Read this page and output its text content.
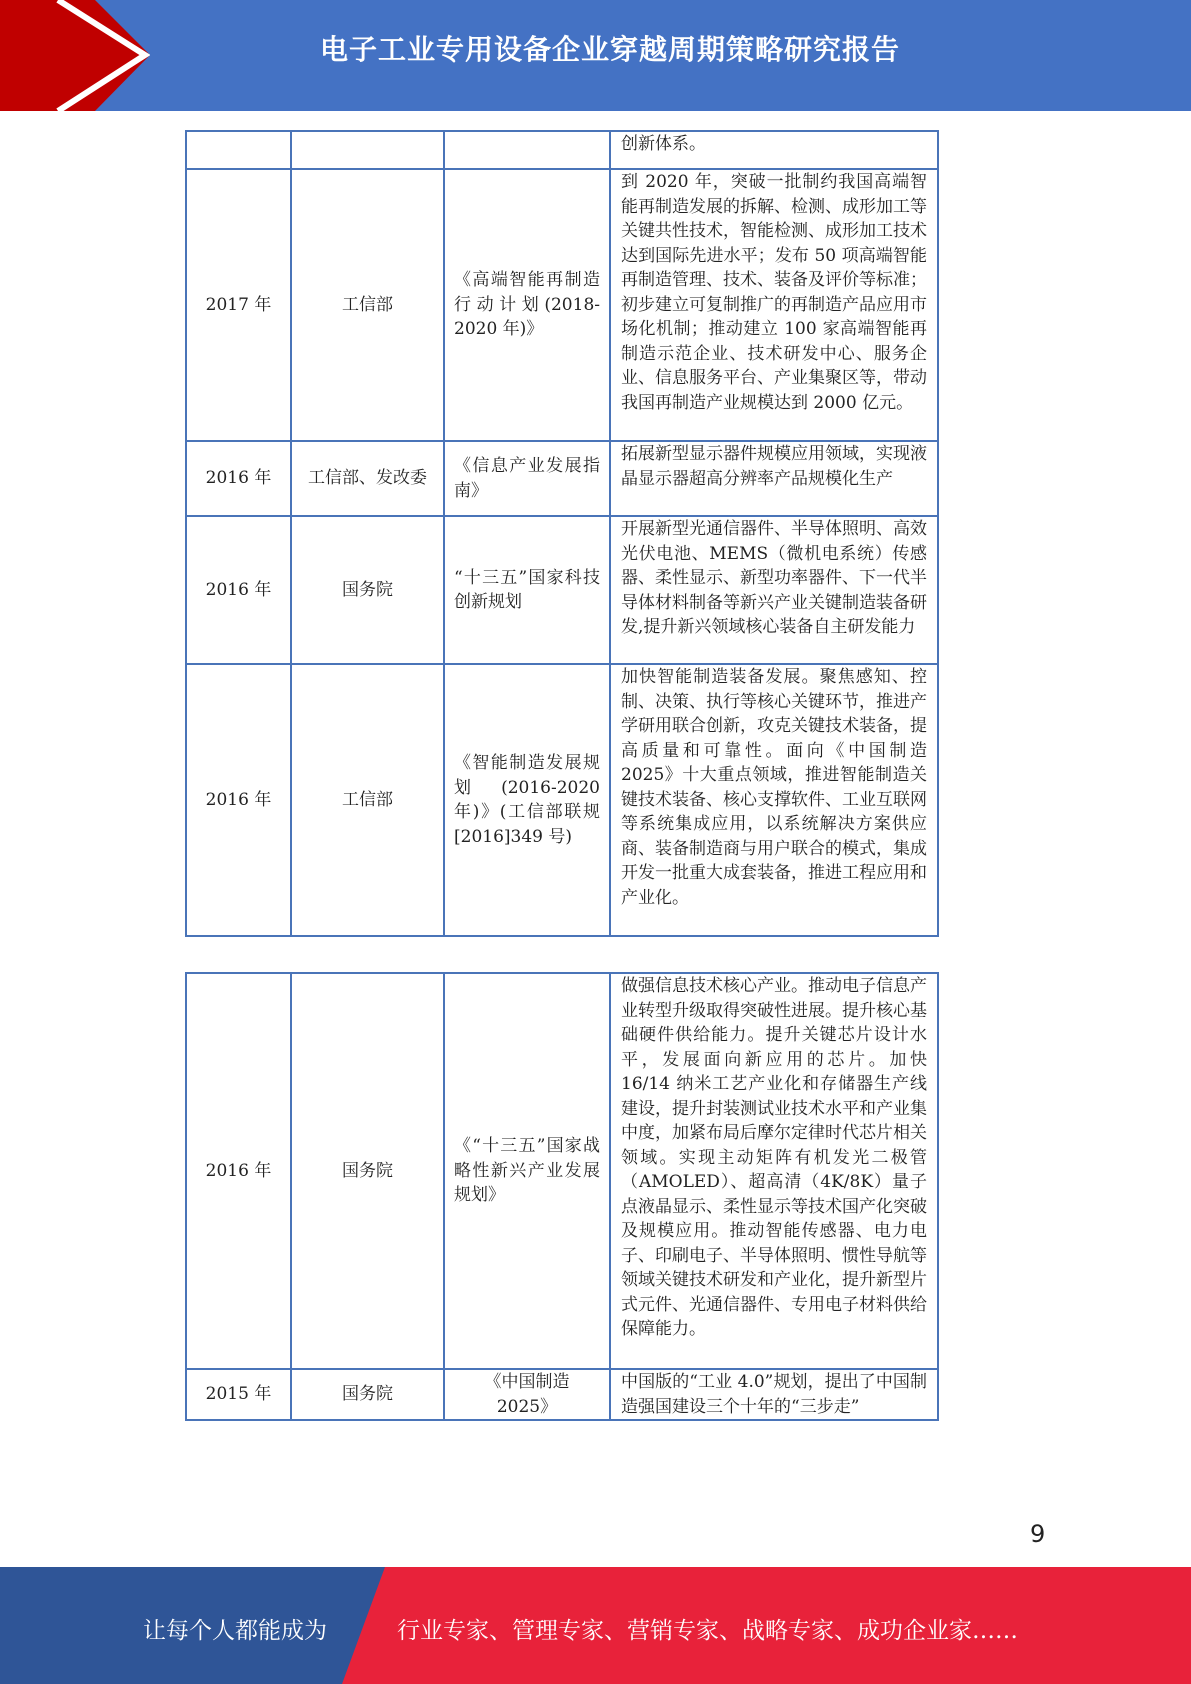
电子工业专用设备企业穿越周期策略研究报告
			创新体系。
2017 年	工信部	《高端智能再制造行动计划(2018-2020 年)》	到 2020 年，突破一批制约我国高端智能再制造发展的拆解、检测、成形加工等关键共性技术，智能检测、成形加工技术达到国际先进水平；发布 50 项高端智能再制造管理、技术、装备及评价等标准；初步建立可复制推广的再制造产品应用市场化机制；推动建立 100 家高端智能再制造示范企业、技术研发中心、服务企业、信息服务平台、产业集聚区等，带动我国再制造产业规模达到 2000 亿元。
2016 年	工信部、发改委	《信息产业发展指南》	拓展新型显示器件规模应用领域，实现液晶显示器超高分辨率产品规模化生产
2016 年	国务院	“十三五”国家科技创新规划	开展新型光通信器件、半导体照明、高效光伏电池、MEMS（微机电系统）传感器、柔性显示、新型功率器件、下一代半导体材料制备等新兴产业关键制造装备研发,提升新兴领域核心装备自主研发能力
2016 年	工信部	《智能制造发展规划 (2016-2020 年)》(工信部联规[2016]349 号)	加快智能制造装备发展。聚焦感知、控制、决策、执行等核心关键环节，推进产学研用联合创新，攻克关键技术装备，提高质量和可靠性。面向《中国制造 2025》十大重点领域，推进智能制造关键技术装备、核心支撑软件、工业互联网等系统集成应用，以系统解决方案供应商、装备制造商与用户联合的模式，集成开发一批重大成套装备，推进工程应用和产业化。
2016 年	国务院	《“十三五”国家战略性新兴产业发展规划》	做强信息技术核心产业。推动电子信息产业转型升级取得突破性进展。提升核心基础硬件供给能力。提升关键芯片设计水平，发展面向新应用的芯片。加快 16/14 纳米工艺产业化和存储器生产线建设，提升封装测试业技术水平和产业集中度，加紧布局后摩尔定律时代芯片相关领域。实现主动矩阵有机发光二极管（AMOLED）、超高清（4K/8K）量子点液晶显示、柔性显示等技术国产化突破及规模应用。推动智能传感器、电力电子、印刷电子、半导体照明、惯性导航等领域关键技术研发和产业化，提升新型片式元件、光通信器件、专用电子材料供给保障能力。
2015 年	国务院	《中国制造 2025》	中国版的“工业 4.0”规划，提出了中国制造强国建设三个十年的“三步走”
9
让每个人都能成为	行业专家、管理专家、营销专家、战略专家、成功企业家……
